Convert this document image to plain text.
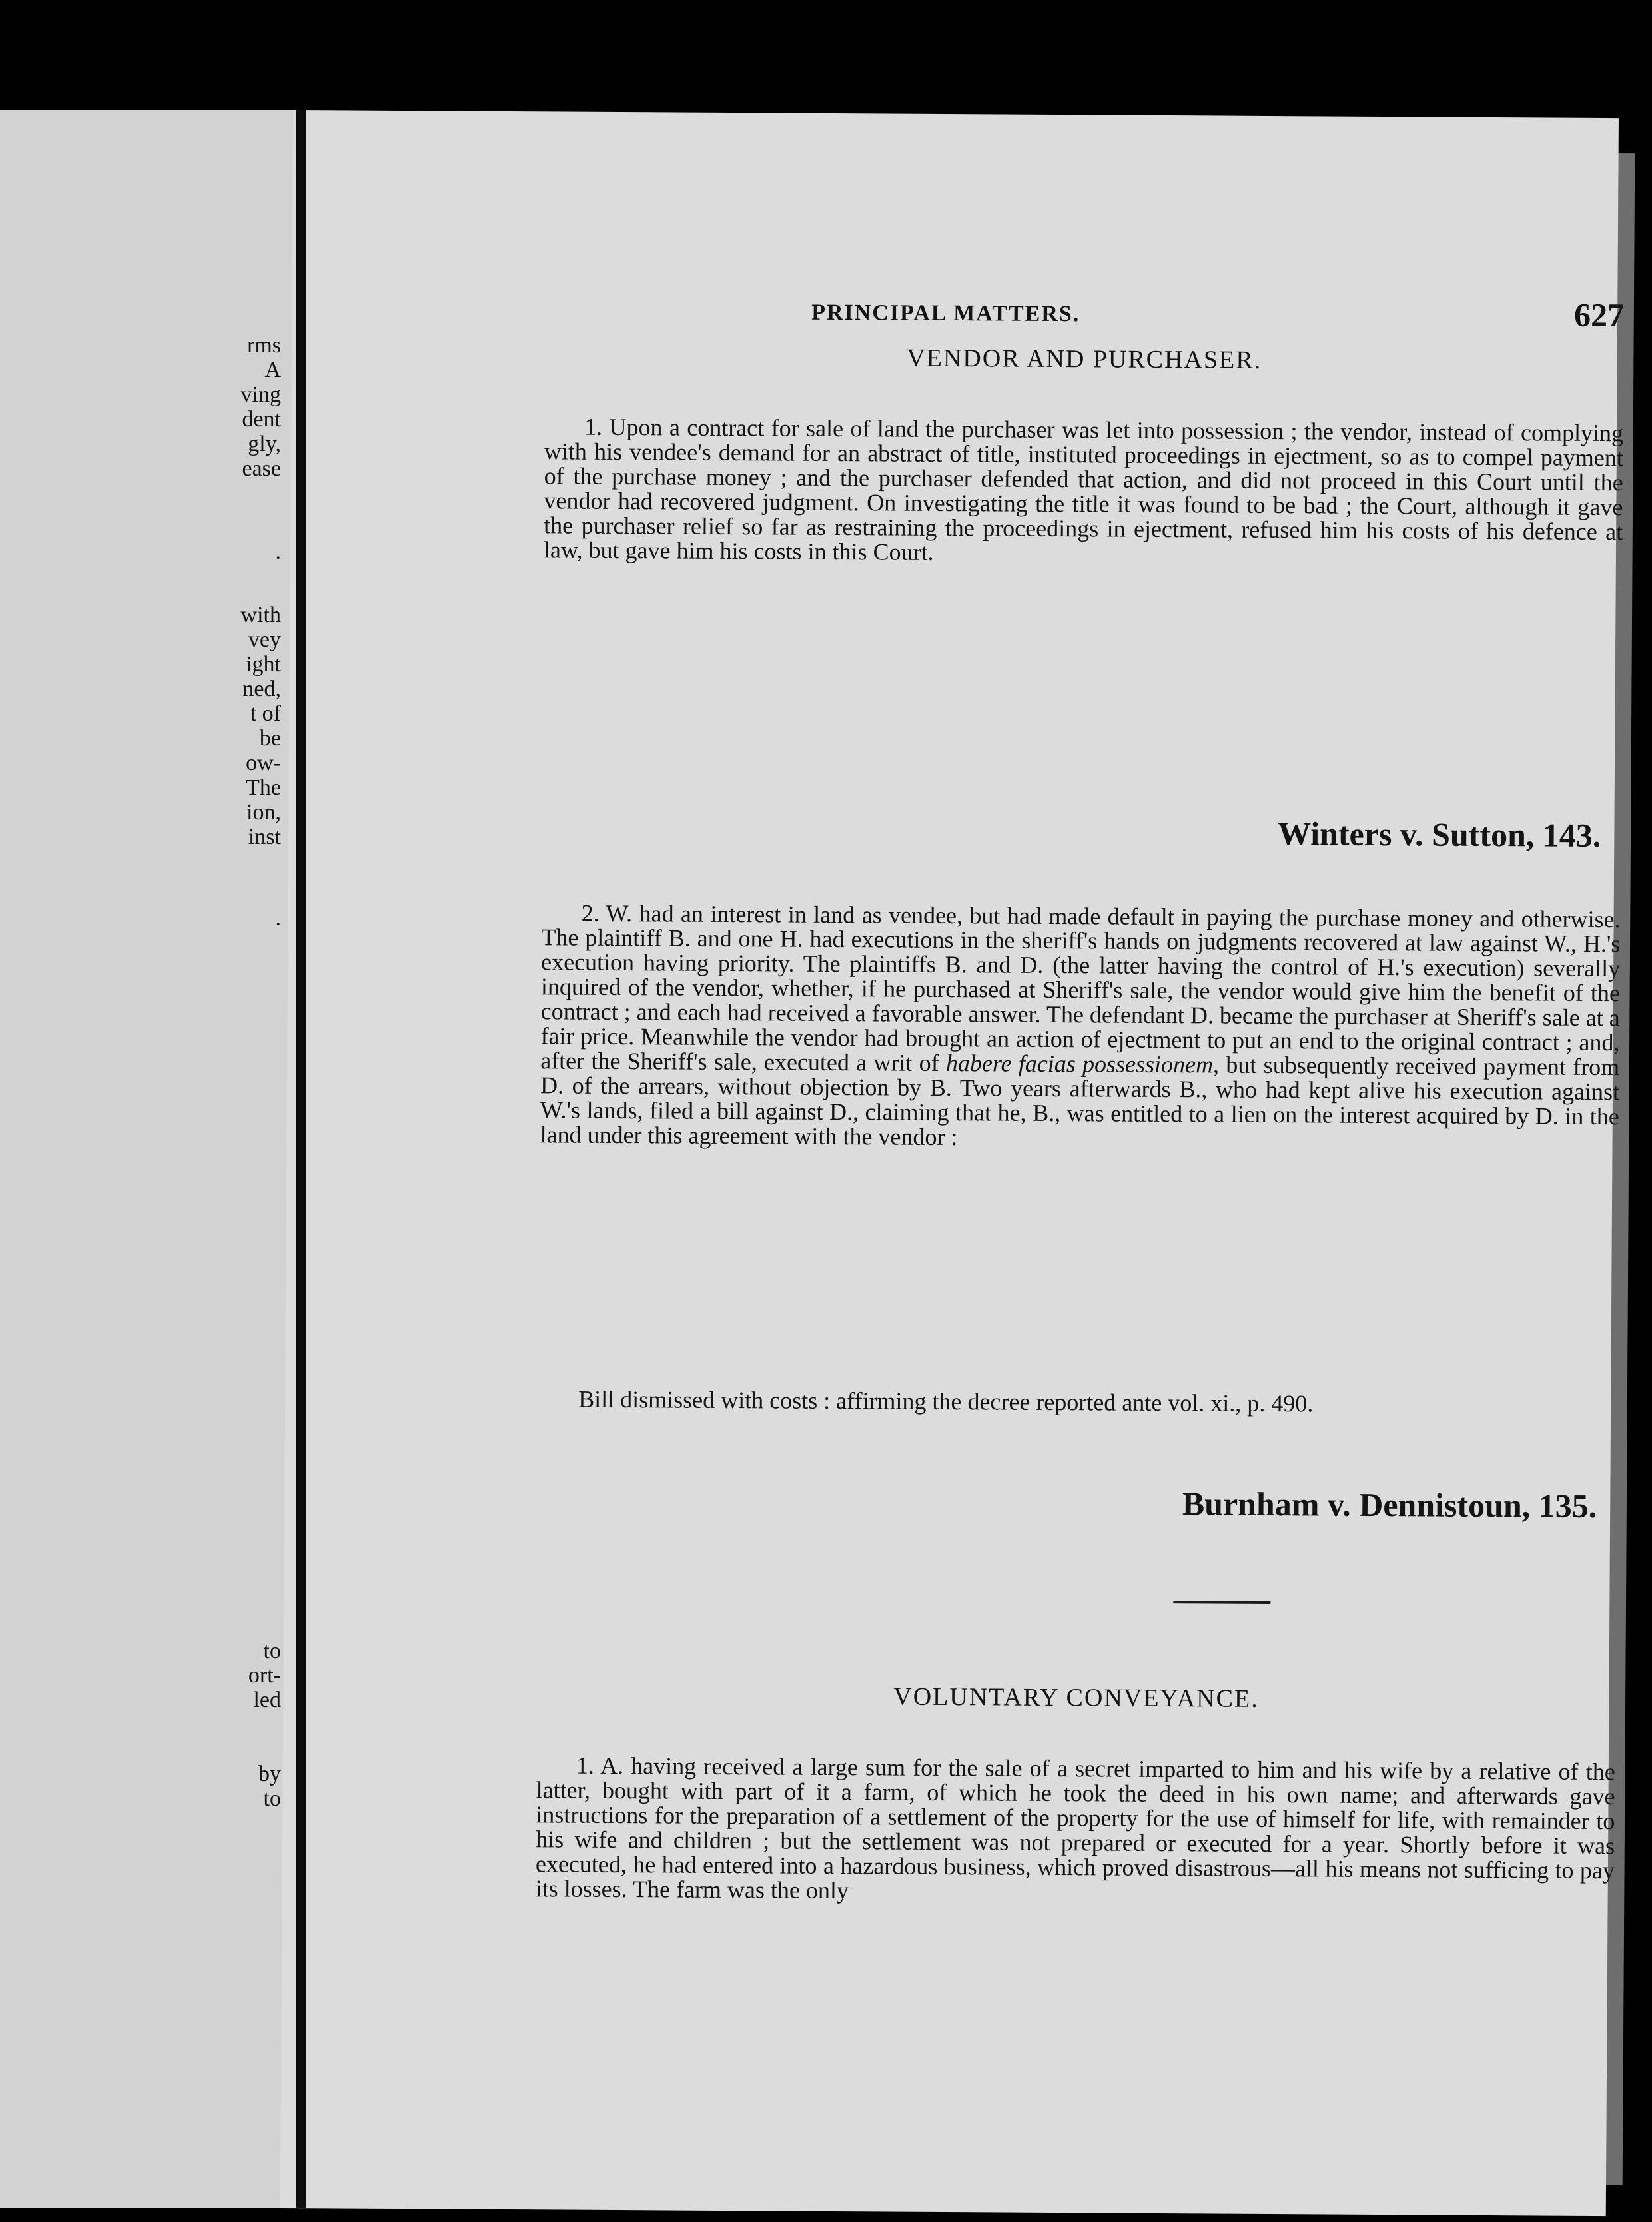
rms
A
ving
dent
gly,
ease
.
with
vey
ight
ned,
t of
be
ow-
The
ion,
inst
.
to
ort-
led
by
to
PRINCIPAL MATTERS.	627
VENDOR AND PURCHASER.

1. Upon a contract for sale of land the purchaser was let into possession ; the vendor, instead of complying with his vendee's demand for an abstract of title, instituted proceedings in ejectment, so as to compel payment of the purchase money ; and the purchaser defended that action, and did not proceed in this Court until the vendor had recovered judgment. On investigating the title it was found to be bad ; the Court, although it gave the purchaser relief so far as restraining the proceedings in ejectment, refused him his costs of his defence at law, but gave him his costs in this Court.

Winters v. Sutton, 143.

2. W. had an interest in land as vendee, but had made default in paying the purchase money and otherwise. The plaintiff B. and one H. had executions in the sheriff's hands on judgments recovered at law against W., H.'s execution having priority. The plaintiffs B. and D. (the latter having the control of H.'s execution) severally inquired of the vendor, whether, if he purchased at Sheriff's sale, the vendor would give him the benefit of the contract ; and each had received a favorable answer. The defendant D. became the purchaser at Sheriff's sale at a fair price. Meanwhile the vendor had brought an action of ejectment to put an end to the original contract ; and, after the Sheriff's sale, executed a writ of habere facias possessionem, but subsequently received payment from D. of the arrears, without objection by B. Two years afterwards B., who had kept alive his execution against W.'s lands, filed a bill against D., claiming that he, B., was entitled to a lien on the interest acquired by D. in the land under this agreement with the vendor :

Bill dismissed with costs : affirming the decree reported ante vol. xi., p. 490.

Burnham v. Dennistoun, 135.
VOLUNTARY CONVEYANCE.

1. A. having received a large sum for the sale of a secret imparted to him and his wife by a relative of the latter, bought with part of it a farm, of which he took the deed in his own name; and afterwards gave instructions for the preparation of a settlement of the property for the use of himself for life, with remainder to his wife and children ; but the settlement was not prepared or executed for a year. Shortly before it was executed, he had entered into a hazardous business, which proved disastrous—all his means not sufficing to pay its losses. The farm was the only
